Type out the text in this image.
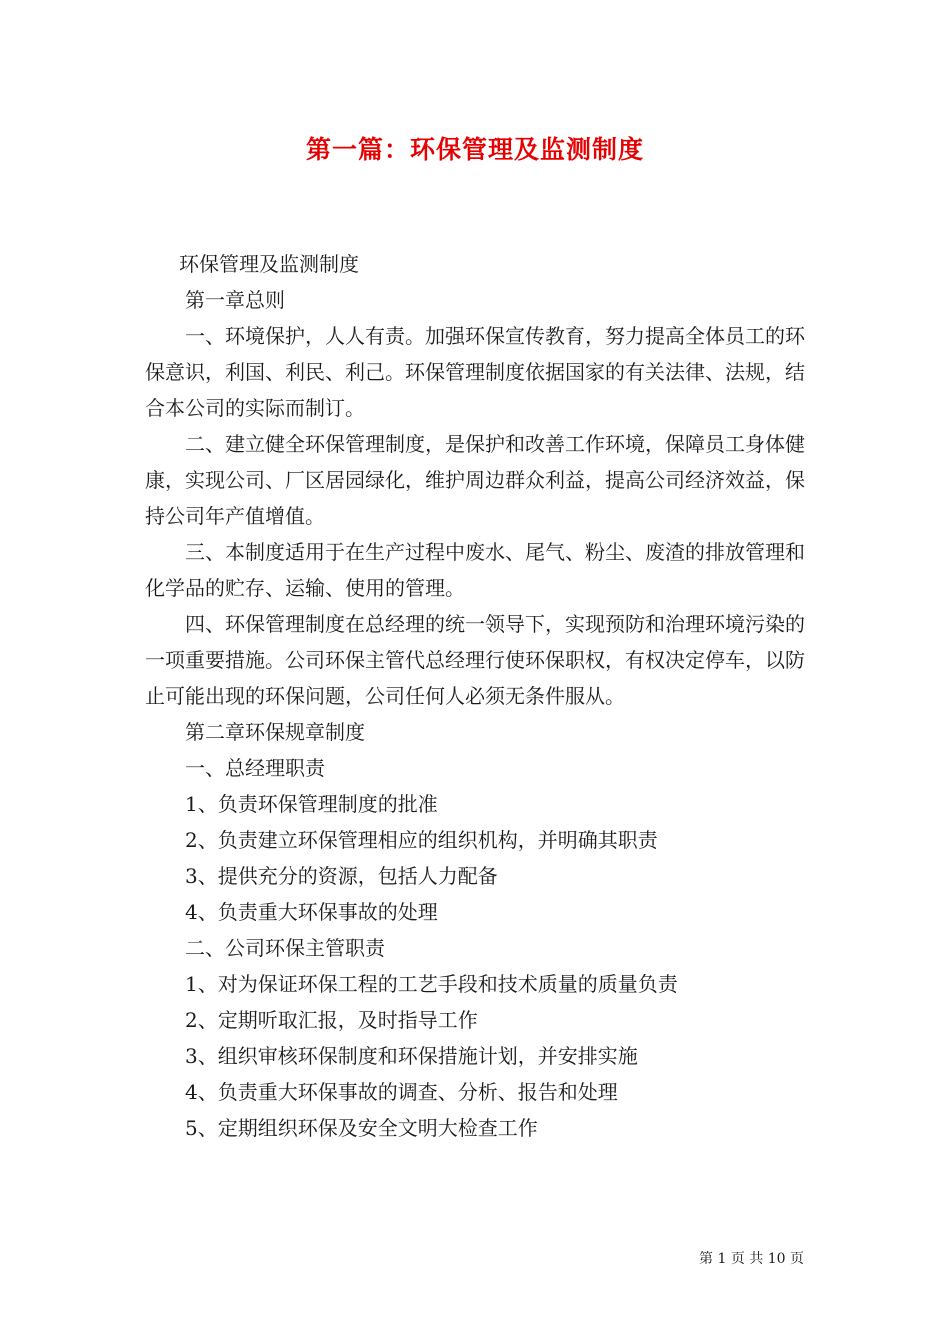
第一篇：环保管理及监测制度

环保管理及监测制度

第一章总则

一、环境保护，人人有责。加强环保宣传教育，努力提高全体员工的环保意识，利国、利民、利己。环保管理制度依据国家的有关法律、法规，结合本公司的实际而制订。

二、建立健全环保管理制度，是保护和改善工作环境，保障员工身体健康，实现公司、厂区居园绿化，维护周边群众利益，提高公司经济效益，保持公司年产值增值。

三、本制度适用于在生产过程中废水、尾气、粉尘、废渣的排放管理和化学品的贮存、运输、使用的管理。

四、环保管理制度在总经理的统一领导下，实现预防和治理环境污染的一项重要措施。公司环保主管代总经理行使环保职权，有权决定停车，以防止可能出现的环保问题，公司任何人必须无条件服从。

第二章环保规章制度

一、总经理职责

1、负责环保管理制度的批准

2、负责建立环保管理相应的组织机构，并明确其职责

3、提供充分的资源，包括人力配备

4、负责重大环保事故的处理

二、公司环保主管职责

1、对为保证环保工程的工艺手段和技术质量的质量负责

2、定期听取汇报，及时指导工作

3、组织审核环保制度和环保措施计划，并安排实施

4、负责重大环保事故的调查、分析、报告和处理

5、定期组织环保及安全文明大检查工作

第 1 页 共 10 页
